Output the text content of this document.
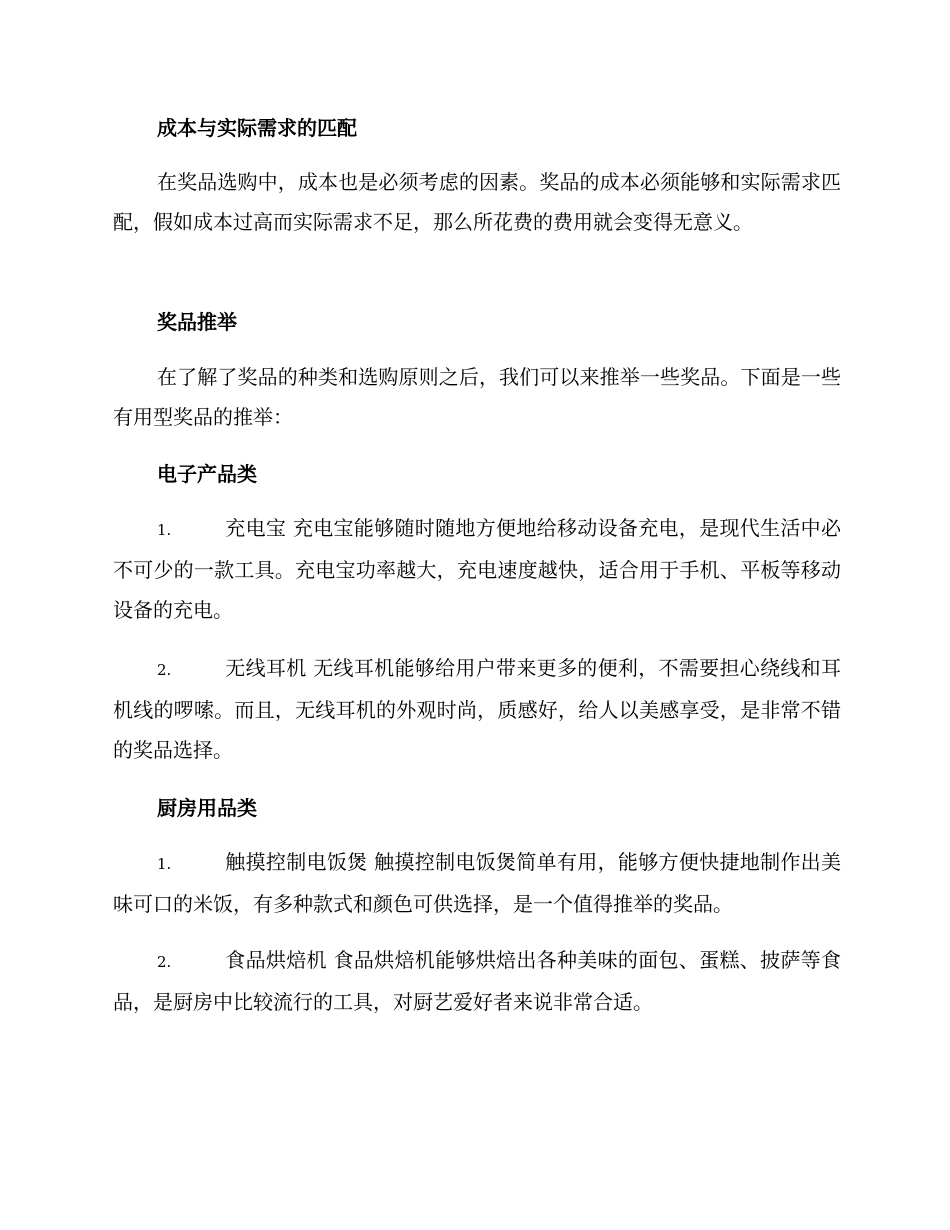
成本与实际需求的匹配

在奖品选购中，成本也是必须考虑的因素。奖品的成本必须能够和实际需求匹配，假如成本过高而实际需求不足，那么所花费的费用就会变得无意义。

奖品推举

在了解了奖品的种类和选购原则之后，我们可以来推举一些奖品。下面是一些有用型奖品的推举：

电子产品类

1.	充电宝 充电宝能够随时随地方便地给移动设备充电，是现代生活中必不可少的一款工具。充电宝功率越大，充电速度越快，适合用于手机、平板等移动设备的充电。

2.	无线耳机 无线耳机能够给用户带来更多的便利，不需要担心绕线和耳机线的啰嗦。而且，无线耳机的外观时尚，质感好，给人以美感享受，是非常不错的奖品选择。

厨房用品类

1.	触摸控制电饭煲 触摸控制电饭煲简单有用，能够方便快捷地制作出美味可口的米饭，有多种款式和颜色可供选择，是一个值得推举的奖品。

2.	食品烘焙机 食品烘焙机能够烘焙出各种美味的面包、蛋糕、披萨等食品，是厨房中比较流行的工具，对厨艺爱好者来说非常合适。
